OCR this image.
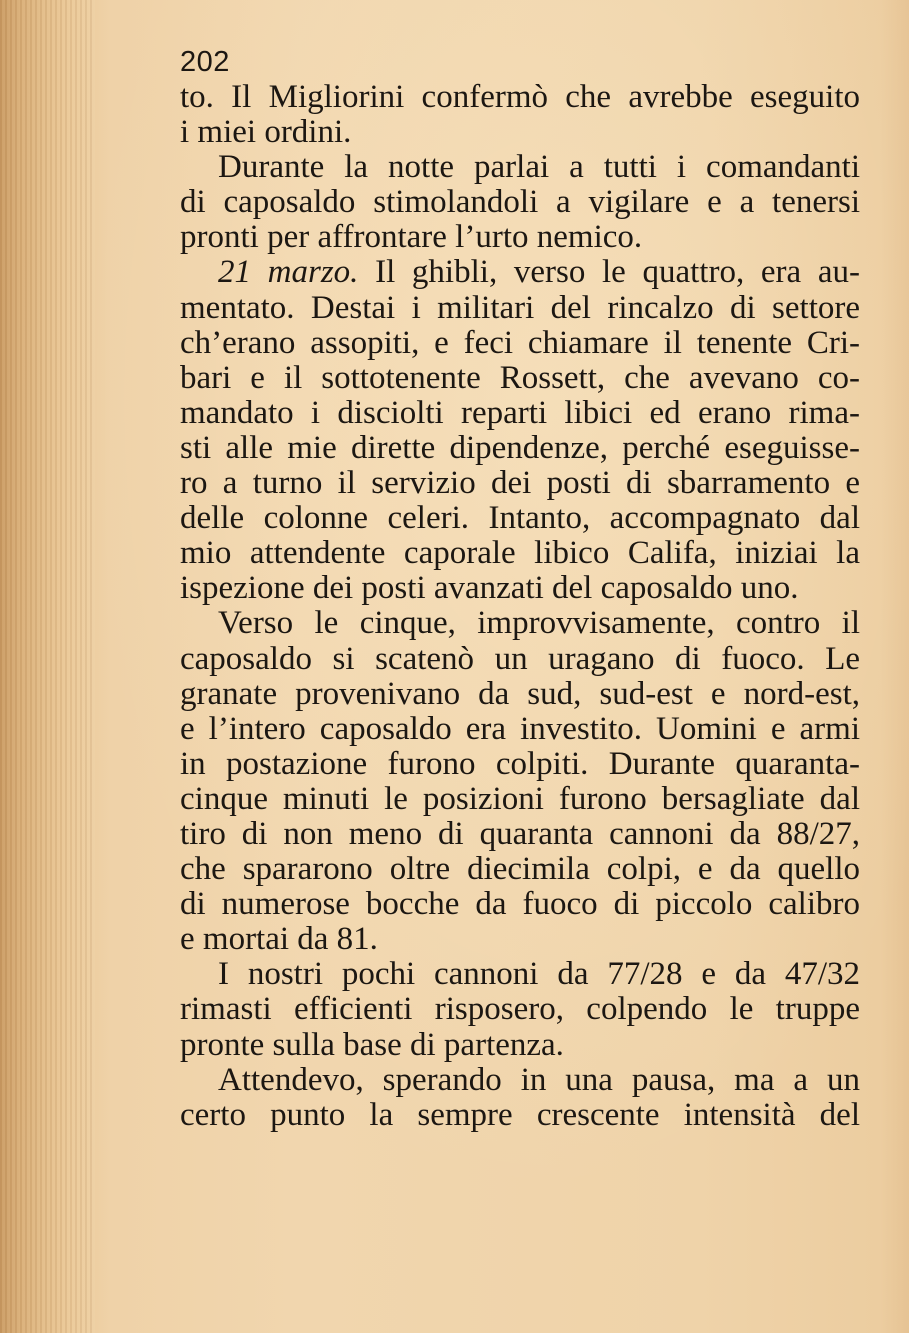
202
to. Il Migliorini confermò che avrebbe eseguito
i miei ordini.
Durante la notte parlai a tutti i comandanti
di caposaldo stimolandoli a vigilare e a tenersi
pronti per affrontare l’urto nemico.
21 marzo. Il ghibli, verso le quattro, era au-
mentato. Destai i militari del rincalzo di settore
ch’erano assopiti, e feci chiamare il tenente Cri-
bari e il sottotenente Rossett, che avevano co-
mandato i disciolti reparti libici ed erano rima-
sti alle mie dirette dipendenze, perché eseguisse-
ro a turno il servizio dei posti di sbarramento e
delle colonne celeri. Intanto, accompagnato dal
mio attendente caporale libico Califa, iniziai la
ispezione dei posti avanzati del caposaldo uno.
Verso le cinque, improvvisamente, contro il
caposaldo si scatenò un uragano di fuoco. Le
granate provenivano da sud, sud-est e nord-est,
e l’intero caposaldo era investito. Uomini e armi
in postazione furono colpiti. Durante quaranta-
cinque minuti le posizioni furono bersagliate dal
tiro di non meno di quaranta cannoni da 88/27,
che spararono oltre diecimila colpi, e da quello
di numerose bocche da fuoco di piccolo calibro
e mortai da 81.
I nostri pochi cannoni da 77/28 e da 47/32
rimasti efficienti risposero, colpendo le truppe
pronte sulla base di partenza.
Attendevo, sperando in una pausa, ma a un
certo punto la sempre crescente intensità del
